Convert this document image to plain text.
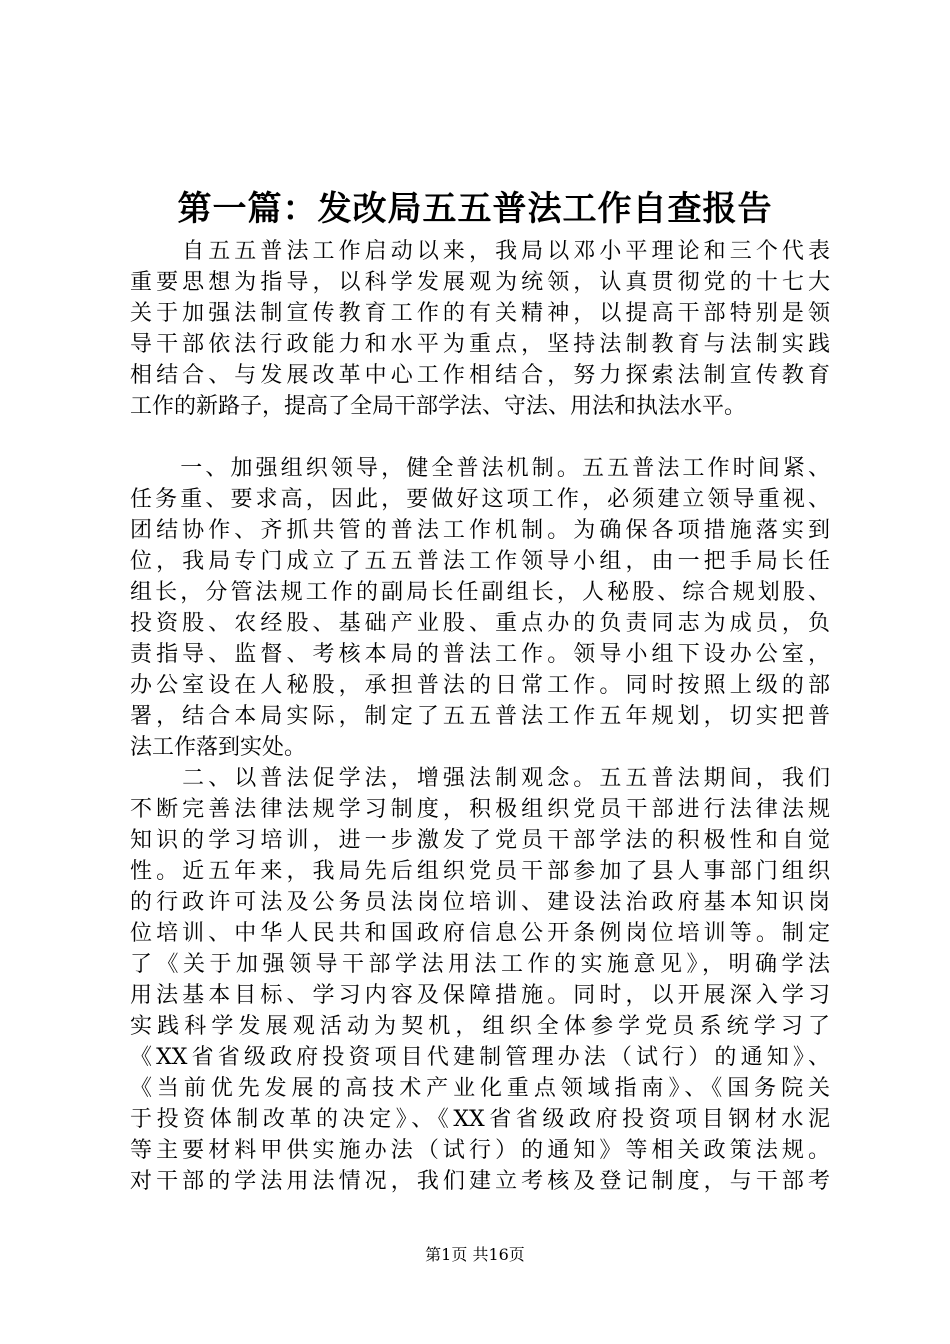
第一篇：发改局五五普法工作自查报告
　　自五五普法工作启动以来，我局以邓小平理论和三个代表
重要思想为指导，以科学发展观为统领，认真贯彻党的十七大
关于加强法制宣传教育工作的有关精神，以提高干部特别是领
导干部依法行政能力和水平为重点，坚持法制教育与法制实践
相结合、与发展改革中心工作相结合，努力探索法制宣传教育
工作的新路子，提高了全局干部学法、守法、用法和执法水平。
　　一、加强组织领导，健全普法机制。五五普法工作时间紧、
任务重、要求高，因此，要做好这项工作，必须建立领导重视、
团结协作、齐抓共管的普法工作机制。为确保各项措施落实到
位，我局专门成立了五五普法工作领导小组，由一把手局长任
组长，分管法规工作的副局长任副组长，人秘股、综合规划股、
投资股、农经股、基础产业股、重点办的负责同志为成员，负
责指导、监督、考核本局的普法工作。领导小组下设办公室，
办公室设在人秘股，承担普法的日常工作。同时按照上级的部
署，结合本局实际，制定了五五普法工作五年规划，切实把普
法工作落到实处。
　　二、以普法促学法，增强法制观念。五五普法期间，我们
不断完善法律法规学习制度，积极组织党员干部进行法律法规
知识的学习培训，进一步激发了党员干部学法的积极性和自觉
性。近五年来，我局先后组织党员干部参加了县人事部门组织
的行政许可法及公务员法岗位培训、建设法治政府基本知识岗
位培训、中华人民共和国政府信息公开条例岗位培训等。制定
了《关于加强领导干部学法用法工作的实施意见》，明确学法
用法基本目标、学习内容及保障措施。同时，以开展深入学习
实践科学发展观活动为契机，组织全体参学党员系统学习了
《XX省省级政府投资项目代建制管理办法（试行）的通知》、
《当前优先发展的高技术产业化重点领域指南》、《国务院关
于投资体制改革的决定》、《XX省省级政府投资项目钢材水泥
等主要材料甲供实施办法（试行）的通知》等相关政策法规。
对干部的学法用法情况，我们建立考核及登记制度，与干部考
第1页 共16页
